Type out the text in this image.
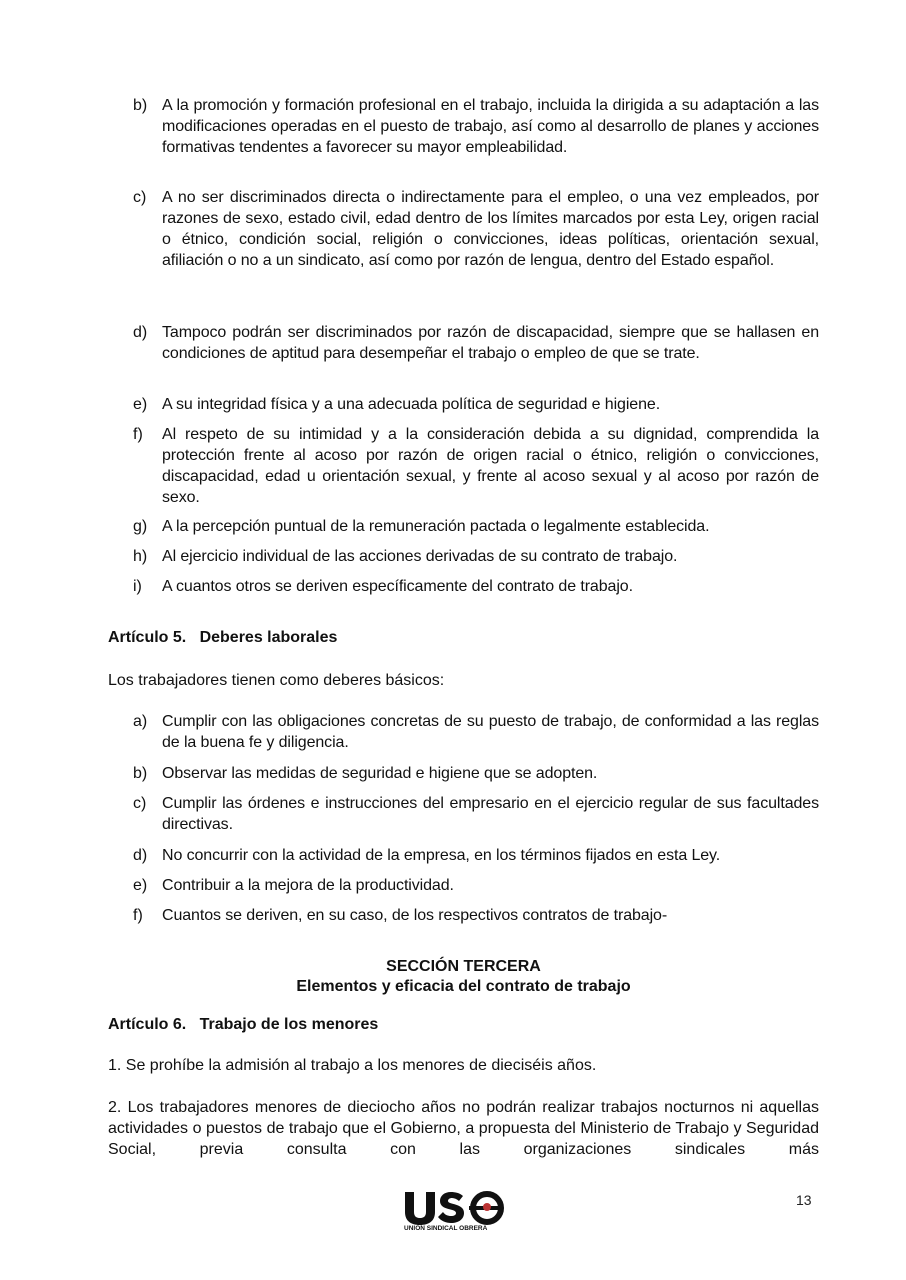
b) A la promoción y formación profesional en el trabajo, incluida la dirigida a su adaptación a las modificaciones operadas en el puesto de trabajo, así como al desarrollo de planes y acciones formativas tendentes a favorecer su mayor empleabilidad.
c) A no ser discriminados directa o indirectamente para el empleo, o una vez empleados, por razones de sexo, estado civil, edad dentro de los límites marcados por esta Ley, origen racial o étnico, condición social, religión o convicciones, ideas políticas, orientación sexual, afiliación o no a un sindicato, así como por razón de lengua, dentro del Estado español.
d) Tampoco podrán ser discriminados por razón de discapacidad, siempre que se hallasen en condiciones de aptitud para desempeñar el trabajo o empleo de que se trate.
e) A su integridad física y a una adecuada política de seguridad e higiene.
f) Al respeto de su intimidad y a la consideración debida a su dignidad, comprendida la protección frente al acoso por razón de origen racial o étnico, religión o convicciones, discapacidad, edad u orientación sexual, y frente al acoso sexual y al acoso por razón de sexo.
g) A la percepción puntual de la remuneración pactada o legalmente establecida.
h) Al ejercicio individual de las acciones derivadas de su contrato de trabajo.
i) A cuantos otros se deriven específicamente del contrato de trabajo.
Artículo 5.   Deberes laborales
Los trabajadores tienen como deberes básicos:
a) Cumplir con las obligaciones concretas de su puesto de trabajo, de conformidad a las reglas de la buena fe y diligencia.
b) Observar las medidas de seguridad e higiene que se adopten.
c) Cumplir las órdenes e instrucciones del empresario en el ejercicio regular de sus facultades directivas.
d) No concurrir con la actividad de la empresa, en los términos fijados en esta Ley.
e) Contribuir a la mejora de la productividad.
f) Cuantos se deriven, en su caso, de los respectivos contratos de trabajo-
SECCIÓN TERCERA
Elementos y eficacia del contrato de trabajo
Artículo 6.   Trabajo de los menores
1. Se prohíbe la admisión al trabajo a los menores de dieciséis años.
2. Los trabajadores menores de dieciocho años no podrán realizar trabajos nocturnos ni aquellas actividades o puestos de trabajo que el Gobierno, a propuesta del Ministerio de Trabajo y Seguridad Social, previa consulta con las organizaciones sindicales más
13
UNIÓN SINDICAL OBRERA
